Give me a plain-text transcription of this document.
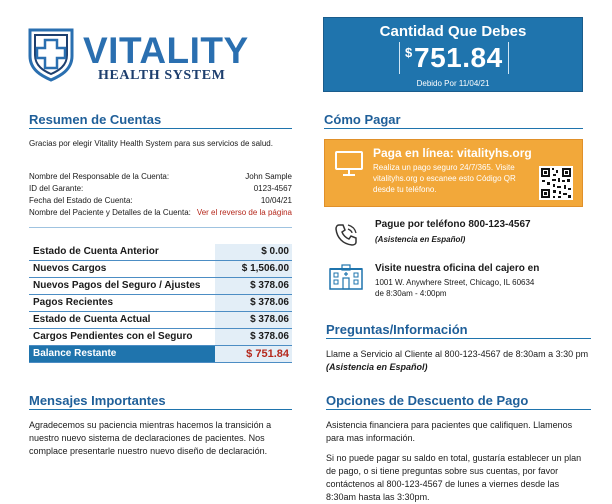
VITALITY
HEALTH SYSTEM
Cantidad Que Debes
$ 751.84
Debido Por 11/04/21
Resumen de Cuentas
Gracias por elegir Vitality Health System para sus servicios de salud.
Nombre del Responsable de la Cuenta:	John Sample
ID del Garante:	0123-4567
Fecha del Estado de Cuenta:	10/04/21
Nombre del Paciente y Detalles de la Cuenta: Ver el reverso de la página
Estado de Cuenta Anterior	$ 0.00
Nuevos Cargos	$ 1,506.00
Nuevos Pagos del Seguro / Ajustes	$ 378.06
Pagos Recientes	$ 378.06
Estado de Cuenta Actual	$ 378.06
Cargos Pendientes con el Seguro	$ 378.06
Balance Restante	$ 751.84
Mensajes Importantes
Agradecemos su paciencia mientras hacemos la transición a nuestro nuevo sistema de declaraciones de pacientes. Nos complace presentarle nuestro nuevo diseño de declaración.
Cómo Pagar
Paga en línea: vitalityhs.org
Realiza un pago seguro 24/7/365. Visite vitalityhs.org o escanee esto Código QR desde tu teléfono.
Pague por teléfono 800-123-4567
(Asistencia en Español)
Visite nuestra oficina del cajero en
1001 W. Anywhere Street, Chicago, IL 60634
de 8:30am - 4:00pm
Preguntas/Información
Llame a Servicio al Cliente al 800-123-4567 de 8:30am a 3:30 pm (Asistencia en Español)
Opciones de Descuento de Pago
Asistencia financiera para pacientes que califiquen. Llamenos para mas información.
Si no puede pagar su saldo en total, gustaría establecer un plan de pago, o si tiene preguntas sobre sus cuentas, por favor contáctenos al 800-123-4567 de lunes a viernes desde las 8:30am hasta las 3:30pm.
